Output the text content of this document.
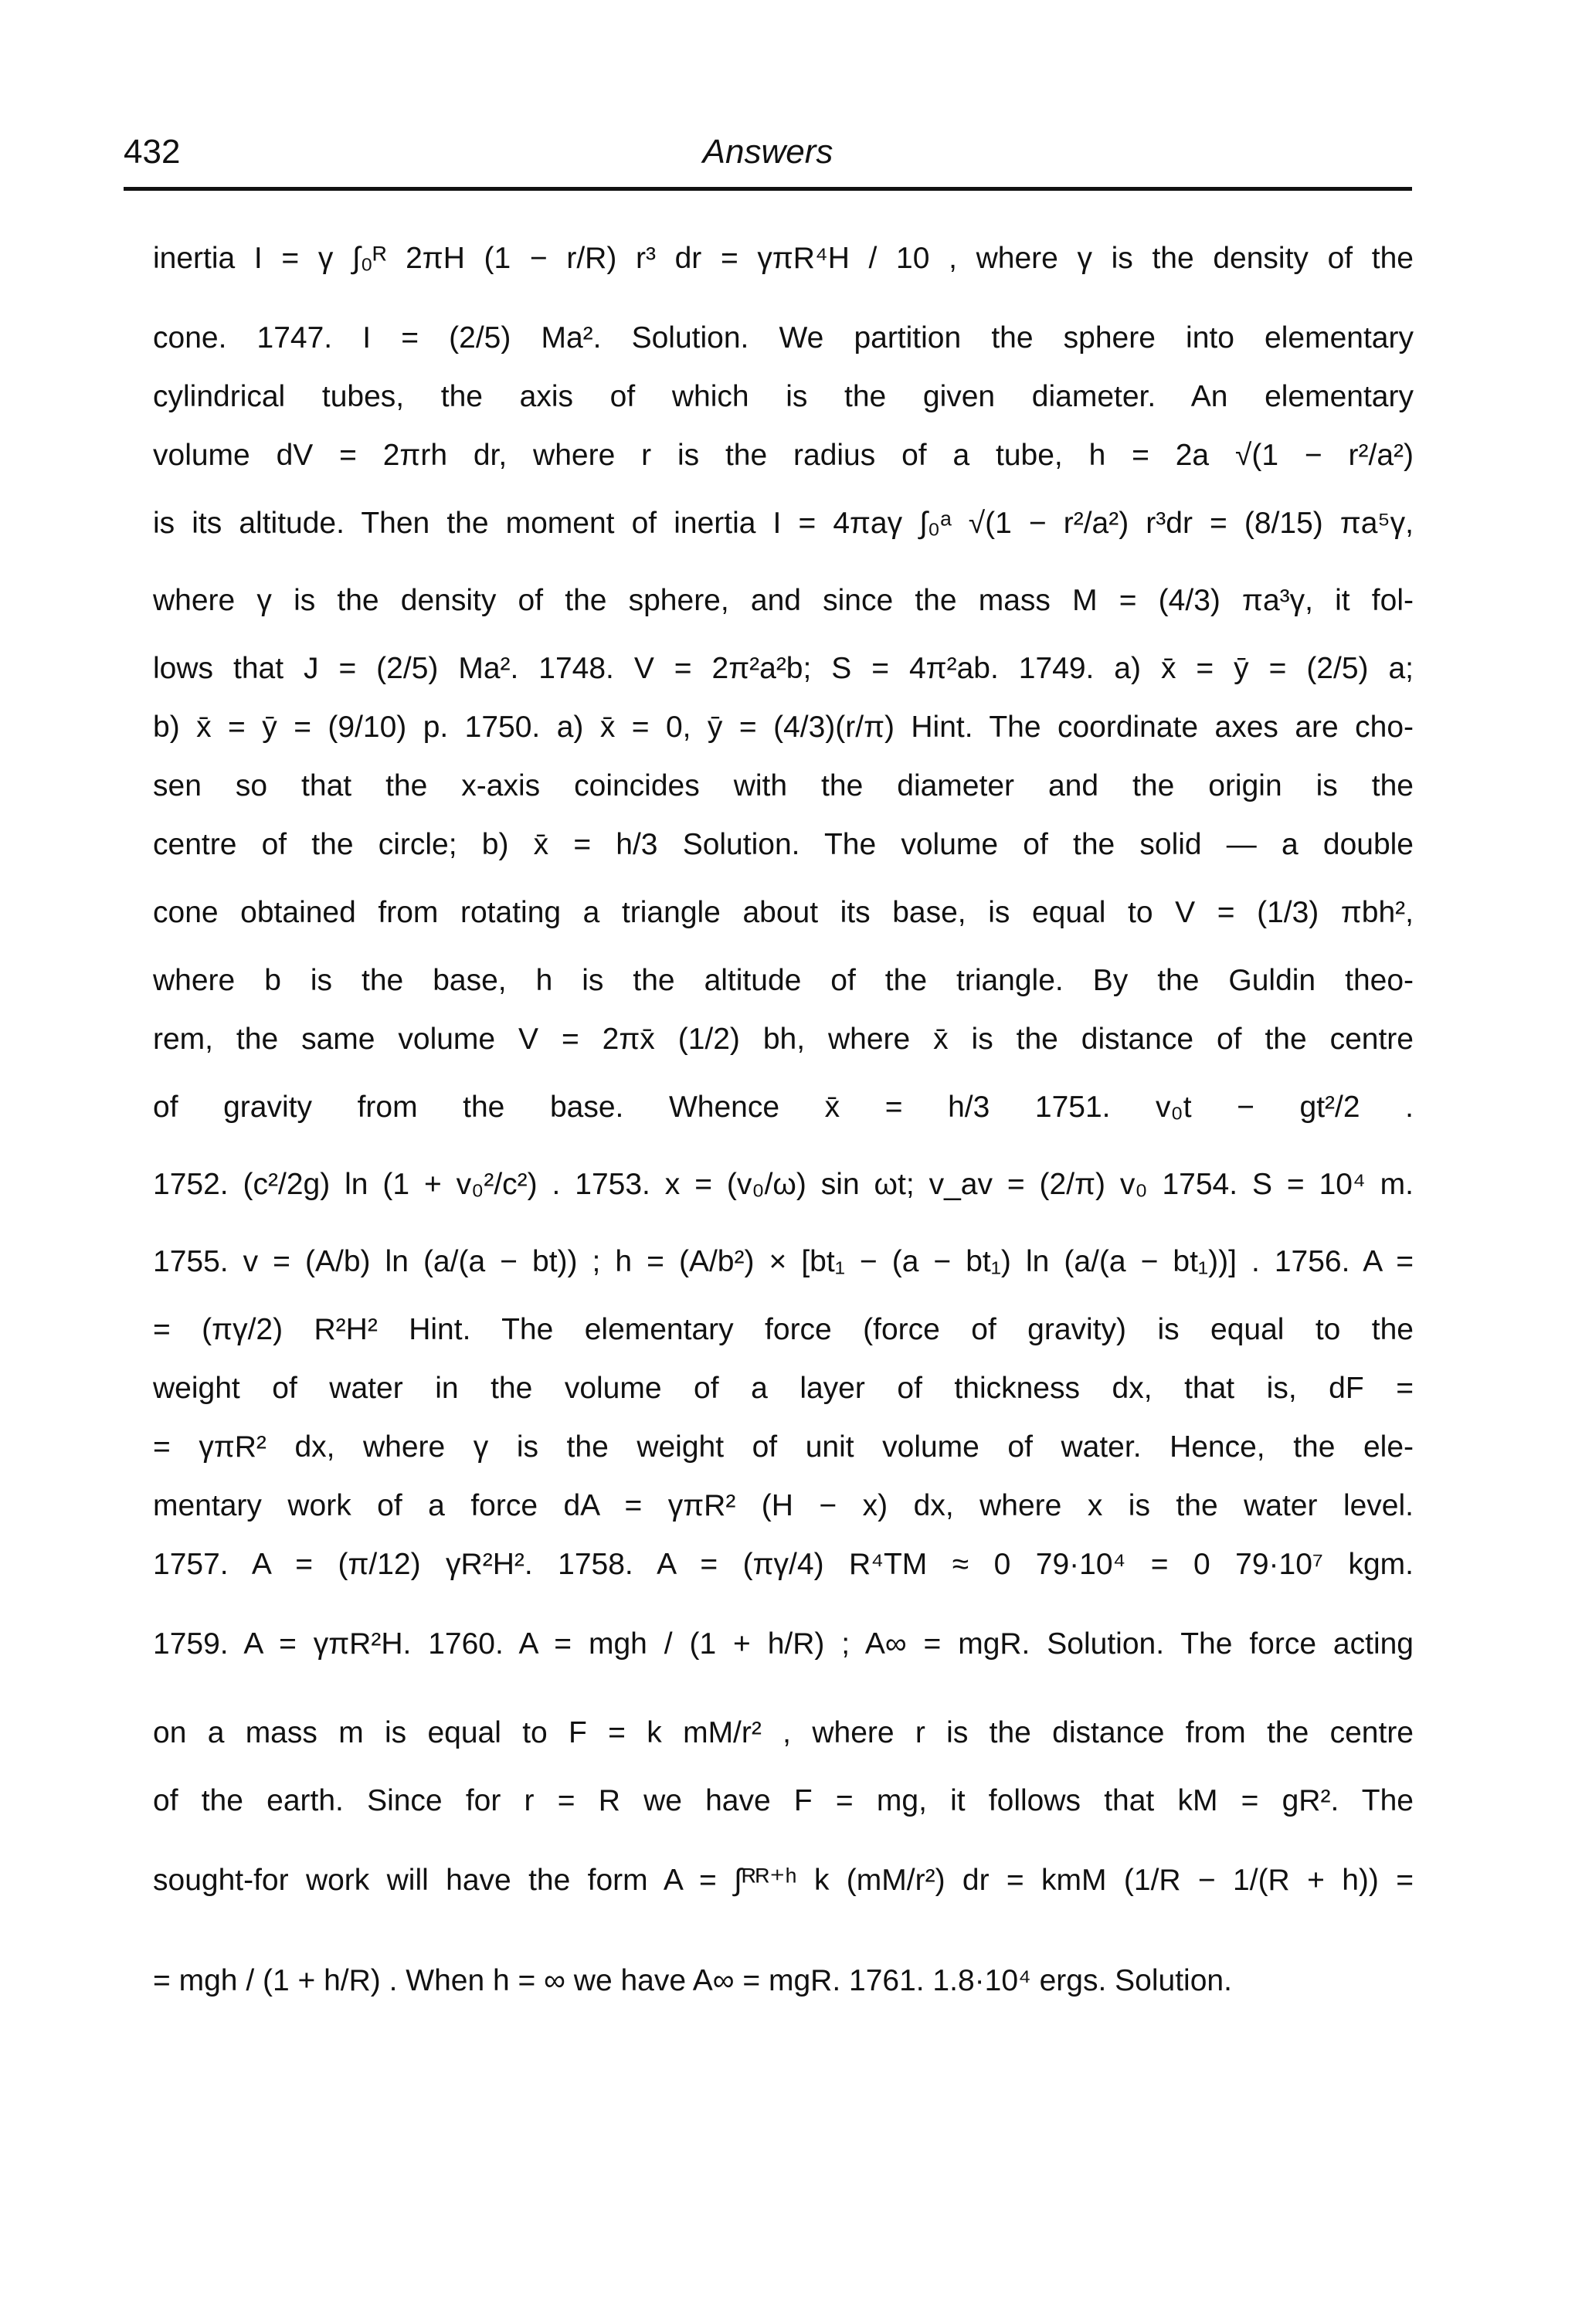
432	Answers
inertia I = γ ∫₀ᴿ 2πH (1 − r/R) r³ dr = γπR⁴H / 10 , where γ is the density of the
cone. 1747. I = (2/5) Ma². Solution. We partition the sphere into elementary
cylindrical tubes, the axis of which is the given diameter. An elementary
volume dV = 2πrh dr, where r is the radius of a tube, h = 2a √(1 − r²/a²)
is its altitude. Then the moment of inertia I = 4πaγ ∫₀ᵃ √(1 − r²/a²) r³dr = (8/15) πa⁵γ,
where γ is the density of the sphere, and since the mass M = (4/3) πa³γ, it fol-
lows that J = (2/5) Ma². 1748. V = 2π²a²b; S = 4π²ab. 1749. a) x̄ = ȳ = (2/5) a;
b) x̄ = ȳ = (9/10) p. 1750. a) x̄ = 0, ȳ = (4/3)(r/π) Hint. The coordinate axes are cho-
sen so that the x-axis coincides with the diameter and the origin is the
centre of the circle; b) x̄ = h/3 Solution. The volume of the solid — a double
cone obtained from rotating a triangle about its base, is equal to V = (1/3) πbh²,
where b is the base, h is the altitude of the triangle. By the Guldin theo-
rem, the same volume V = 2πx̄ (1/2) bh, where x̄ is the distance of the centre
of gravity from the base. Whence x̄ = h/3 1751. v₀t − gt²/2 .
1752. (c²/2g) ln (1 + v₀²/c²) . 1753. x = (v₀/ω) sin ωt; v_av = (2/π) v₀ 1754. S = 10⁴ m.
1755. v = (A/b) ln (a/(a − bt)) ; h = (A/b²) × [bt₁ − (a − bt₁) ln (a/(a − bt₁))] . 1756. A =
= (πγ/2) R²H² Hint. The elementary force (force of gravity) is equal to the
weight of water in the volume of a layer of thickness dx, that is, dF =
= γπR² dx, where γ is the weight of unit volume of water. Hence, the ele-
mentary work of a force dA = γπR² (H − x) dx, where x is the water level.
1757. A = (π/12) γR²H². 1758. A = (πγ/4) R⁴TM ≈ 0 79·10⁴ = 0 79·10⁷ kgm.
1759. A = γπR²H. 1760. A = mgh / (1 + h/R) ; A∞ = mgR. Solution. The force acting
on a mass m is equal to F = k mM/r² , where r is the distance from the centre
of the earth. Since for r = R we have F = mg, it follows that kM = gR². The
sought-for work will have the form A = ∫ᴿᴿ⁺ʰ k (mM/r²) dr = kmM (1/R − 1/(R + h)) =
= mgh / (1 + h/R) . When h = ∞ we have A∞ = mgR. 1761. 1.8·10⁴ ergs. Solution.
